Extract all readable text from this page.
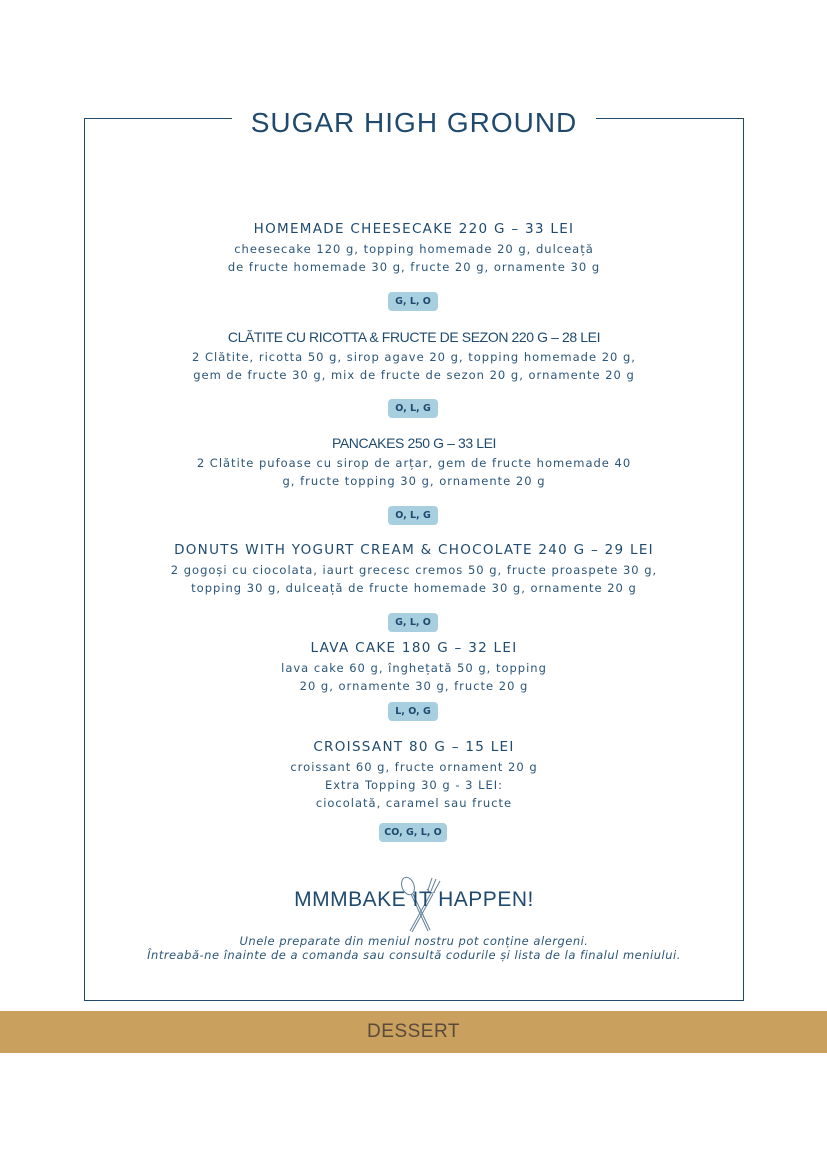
SUGAR HIGH GROUND

HOMEMADE CHEESECAKE 220 G – 33 LEI

cheesecake 120 g, topping homemade 20 g, dulceață
de fructe homemade 30 g, fructe 20 g, ornamente 30 g

G, L, O

CLĂTITE CU RICOTTA & FRUCTE DE SEZON 220 G – 28 LEI

2 Clătite, ricotta 50 g, sirop agave 20 g, topping homemade 20 g,
gem de fructe 30 g, mix de fructe de sezon 20 g, ornamente 20 g

O, L, G

PANCAKES 250 G – 33 LEI

2 Clătite pufoase cu sirop de arțar, gem de fructe homemade 40
g, fructe topping 30 g, ornamente 20 g

O, L, G

DONUTS WITH YOGURT CREAM & CHOCOLATE 240 G – 29 LEI

2 gogoși cu ciocolata, iaurt grecesc cremos 50 g, fructe proaspete 30 g,
topping 30 g, dulceață de fructe homemade 30 g, ornamente 20 g

G, L, O

LAVA CAKE 180 G – 32 LEI

lava cake 60 g, înghețată 50 g, topping
20 g, ornamente 30 g, fructe 20 g

L, O, G

CROISSANT 80 G – 15 LEI

croissant 60 g, fructe ornament 20 g
Extra Topping 30 g - 3 LEI:
ciocolată, caramel sau fructe

CO, G, L, O
MMMBAKE IT HAPPEN!
Unele preparate din meniul nostru pot conține alergeni.
Întreabă-ne înainte de a comanda sau consultă codurile și lista de la finalul meniului.
DESSERT
